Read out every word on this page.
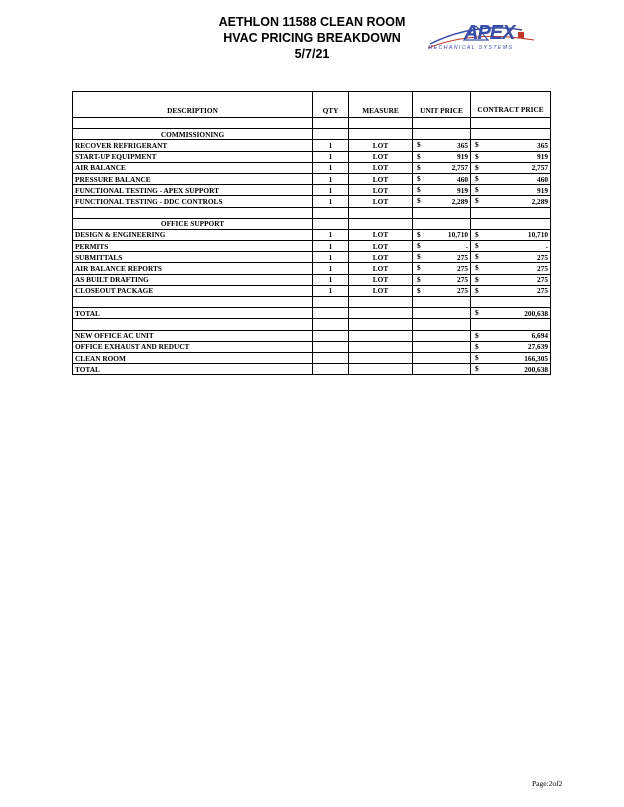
AETHLON 11588 CLEAN ROOM
HVAC PRICING BREAKDOWN
5/7/21
APEX
MECHANICAL SYSTEMS
DESCRIPTION	QTY	MEASURE	UNIT PRICE	CONTRACT PRICE

COMMISSIONING				
RECOVER REFRIGERANT	1	LOT	$ 365	$ 365
START-UP EQUIPMENT	1	LOT	$ 919	$ 919
AIR BALANCE	1	LOT	$ 2,757	$ 2,757
PRESSURE BALANCE	1	LOT	$ 460	$ 460
FUNCTIONAL TESTING - APEX SUPPORT	1	LOT	$ 919	$ 919
FUNCTIONAL TESTING - DDC CONTROLS	1	LOT	$ 2,289	$ 2,289

OFFICE SUPPORT				
DESIGN & ENGINEERING	1	LOT	$ 10,710	$ 10,710
PERMITS	1	LOT	$ -	$ -
SUBMITTALS	1	LOT	$ 275	$ 275
AIR BALANCE REPORTS	1	LOT	$ 275	$ 275
AS BUILT DRAFTING	1	LOT	$ 275	$ 275
CLOSEOUT PACKAGE	1	LOT	$ 275	$ 275

TOTAL				$ 200,638

NEW OFFICE AC UNIT				$ 6,694
OFFICE EXHAUST AND REDUCT				$ 27,639
CLEAN ROOM				$ 166,305
TOTAL				$ 200,638
Page:2of2
